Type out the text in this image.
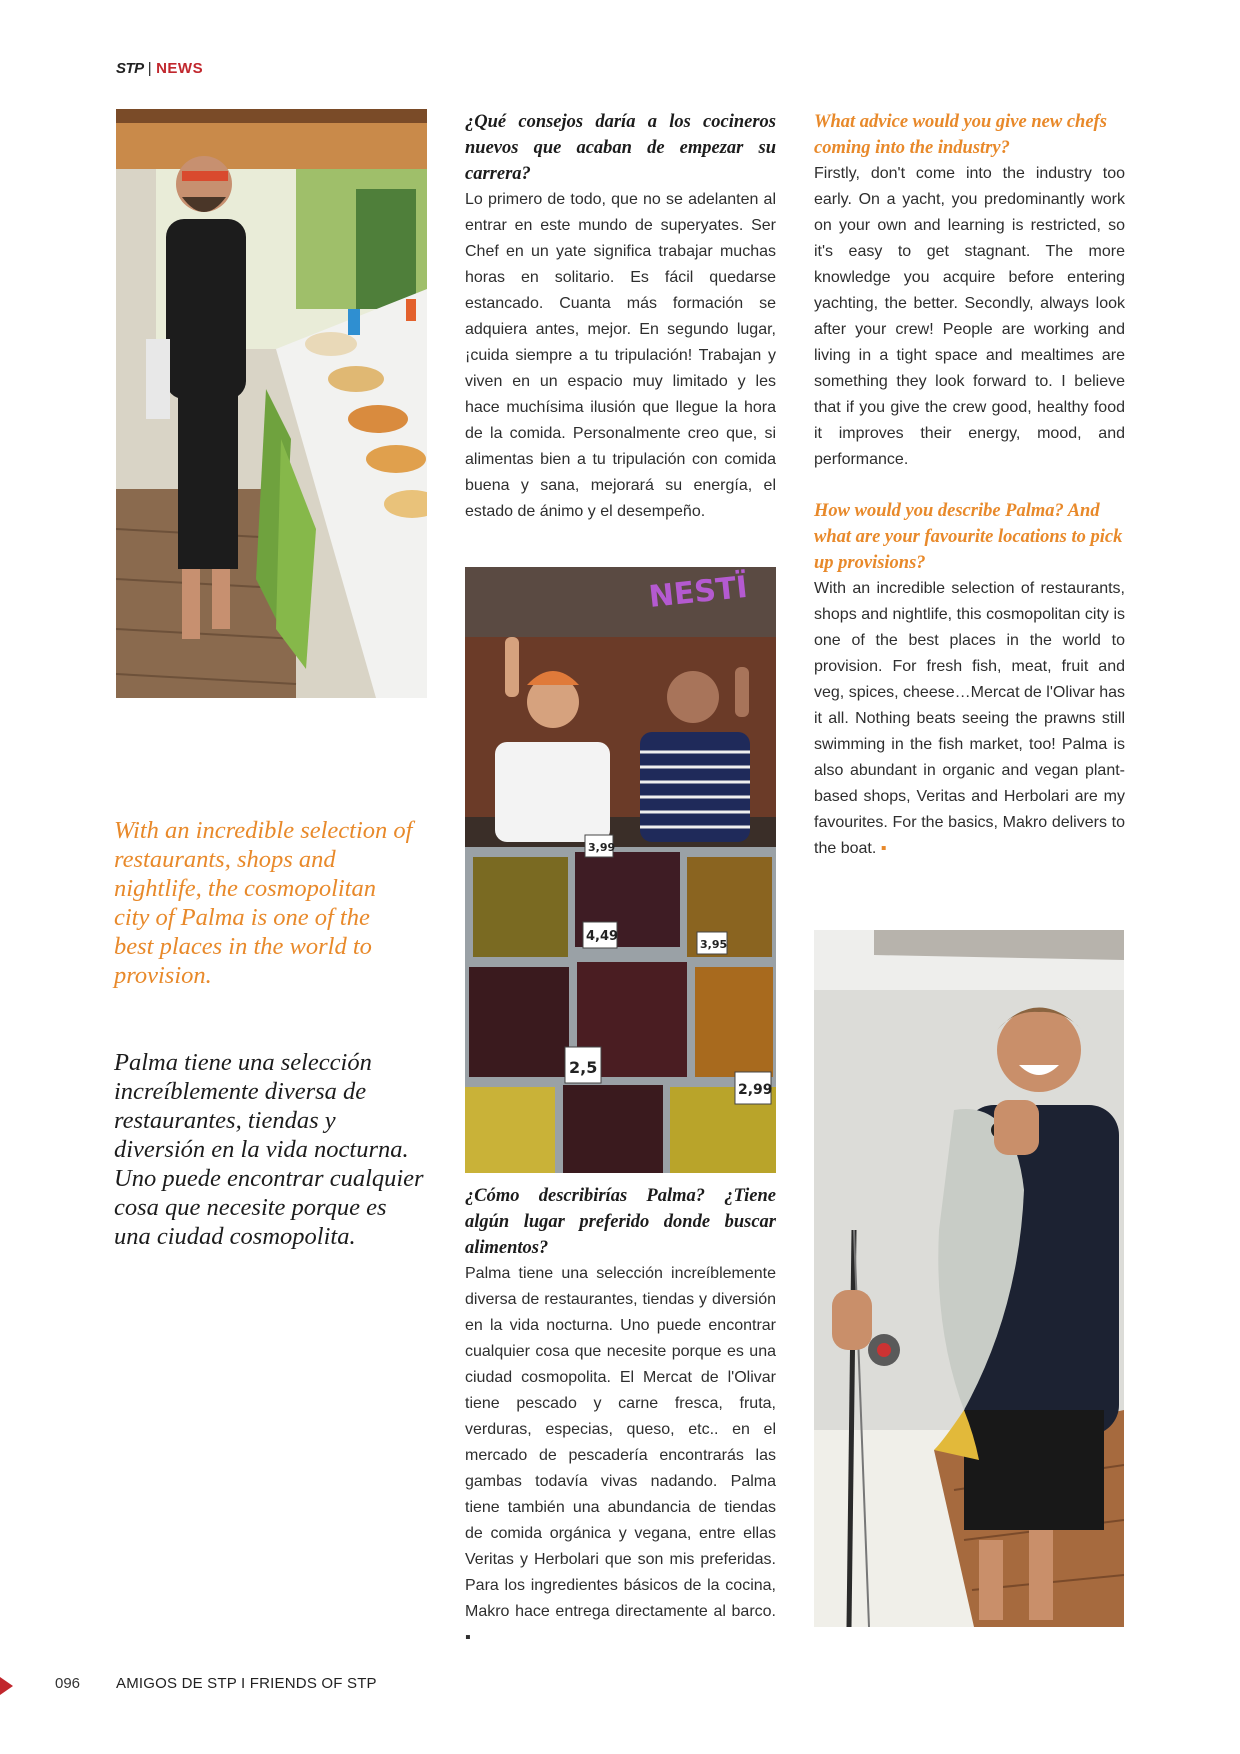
STP | NEWS
¿Qué consejos daría a los cocineros nuevos que acaban de empezar su carrera?

Lo primero de todo, que no se adelanten al entrar en este mundo de superyates. Ser Chef en un yate significa trabajar muchas horas en solitario. Es fácil quedarse estancado. Cuanta más formación se adquiera antes, mejor. En segundo lugar, ¡cuida siempre a tu tripulación! Trabajan y viven en un espacio muy limitado y les hace muchísima ilusión que llegue la hora de la comida. Personalmente creo que, si alimentas bien a tu tripulación con comida buena y sana, mejorará su energía, el estado de ánimo y el desempeño.

NESTÏ
3,99
4,49
3,95
2,5
2,99
¿Cómo describirías Palma? ¿Tiene algún lugar preferido donde buscar alimentos?

Palma tiene una selección increíblemente diversa de restaurantes, tiendas y diversión en la vida nocturna. Uno puede encontrar cualquier cosa que necesite porque es una ciudad cosmopolita. El Mercat de l'Olivar tiene pescado y carne fresca, fruta, verduras, especias, queso, etc.. en el mercado de pescadería encontrarás las gambas todavía vivas nadando. Palma tiene también una abundancia de tiendas de comida orgánica y vegana, entre ellas Veritas y Herbolari que son mis preferidas. Para los ingredientes básicos de la cocina, Makro hace entrega directamente al barco. ▪

What advice would you give new chefs coming into the industry?

Firstly, don't come into the industry too early. On a yacht, you predominantly work on your own and learning is restricted, so it's easy to get stagnant. The more knowledge you acquire before entering yachting, the better. Secondly, always look after your crew! People are working and living in a tight space and mealtimes are something they look forward to. I believe that if you give the crew good, healthy food it improves their energy, mood, and performance.

How would you describe Palma? And what are your favourite locations to pick up provisions?

With an incredible selection of restaurants, shops and nightlife, this cosmopolitan city is one of the best places in the world to provision. For fresh fish, meat, fruit and veg, spices, cheese…Mercat de l'Olivar has it all. Nothing beats seeing the prawns still swimming in the fish market, too! Palma is also abundant in organic and vegan plant-based shops, Veritas and Herbolari are my favourites. For the basics, Makro delivers to the boat. ▪

With an incredible selection of restaurants, shops and nightlife, the cosmopolitan city of Palma is one of the best places in the world to provision.
Palma tiene una selección increíblemente diversa de restaurantes, tiendas y diversión en la vida nocturna. Uno puede encontrar cualquier cosa que necesite porque es una ciudad cosmopolita.
096 AMIGOS DE STP I FRIENDS OF STP
